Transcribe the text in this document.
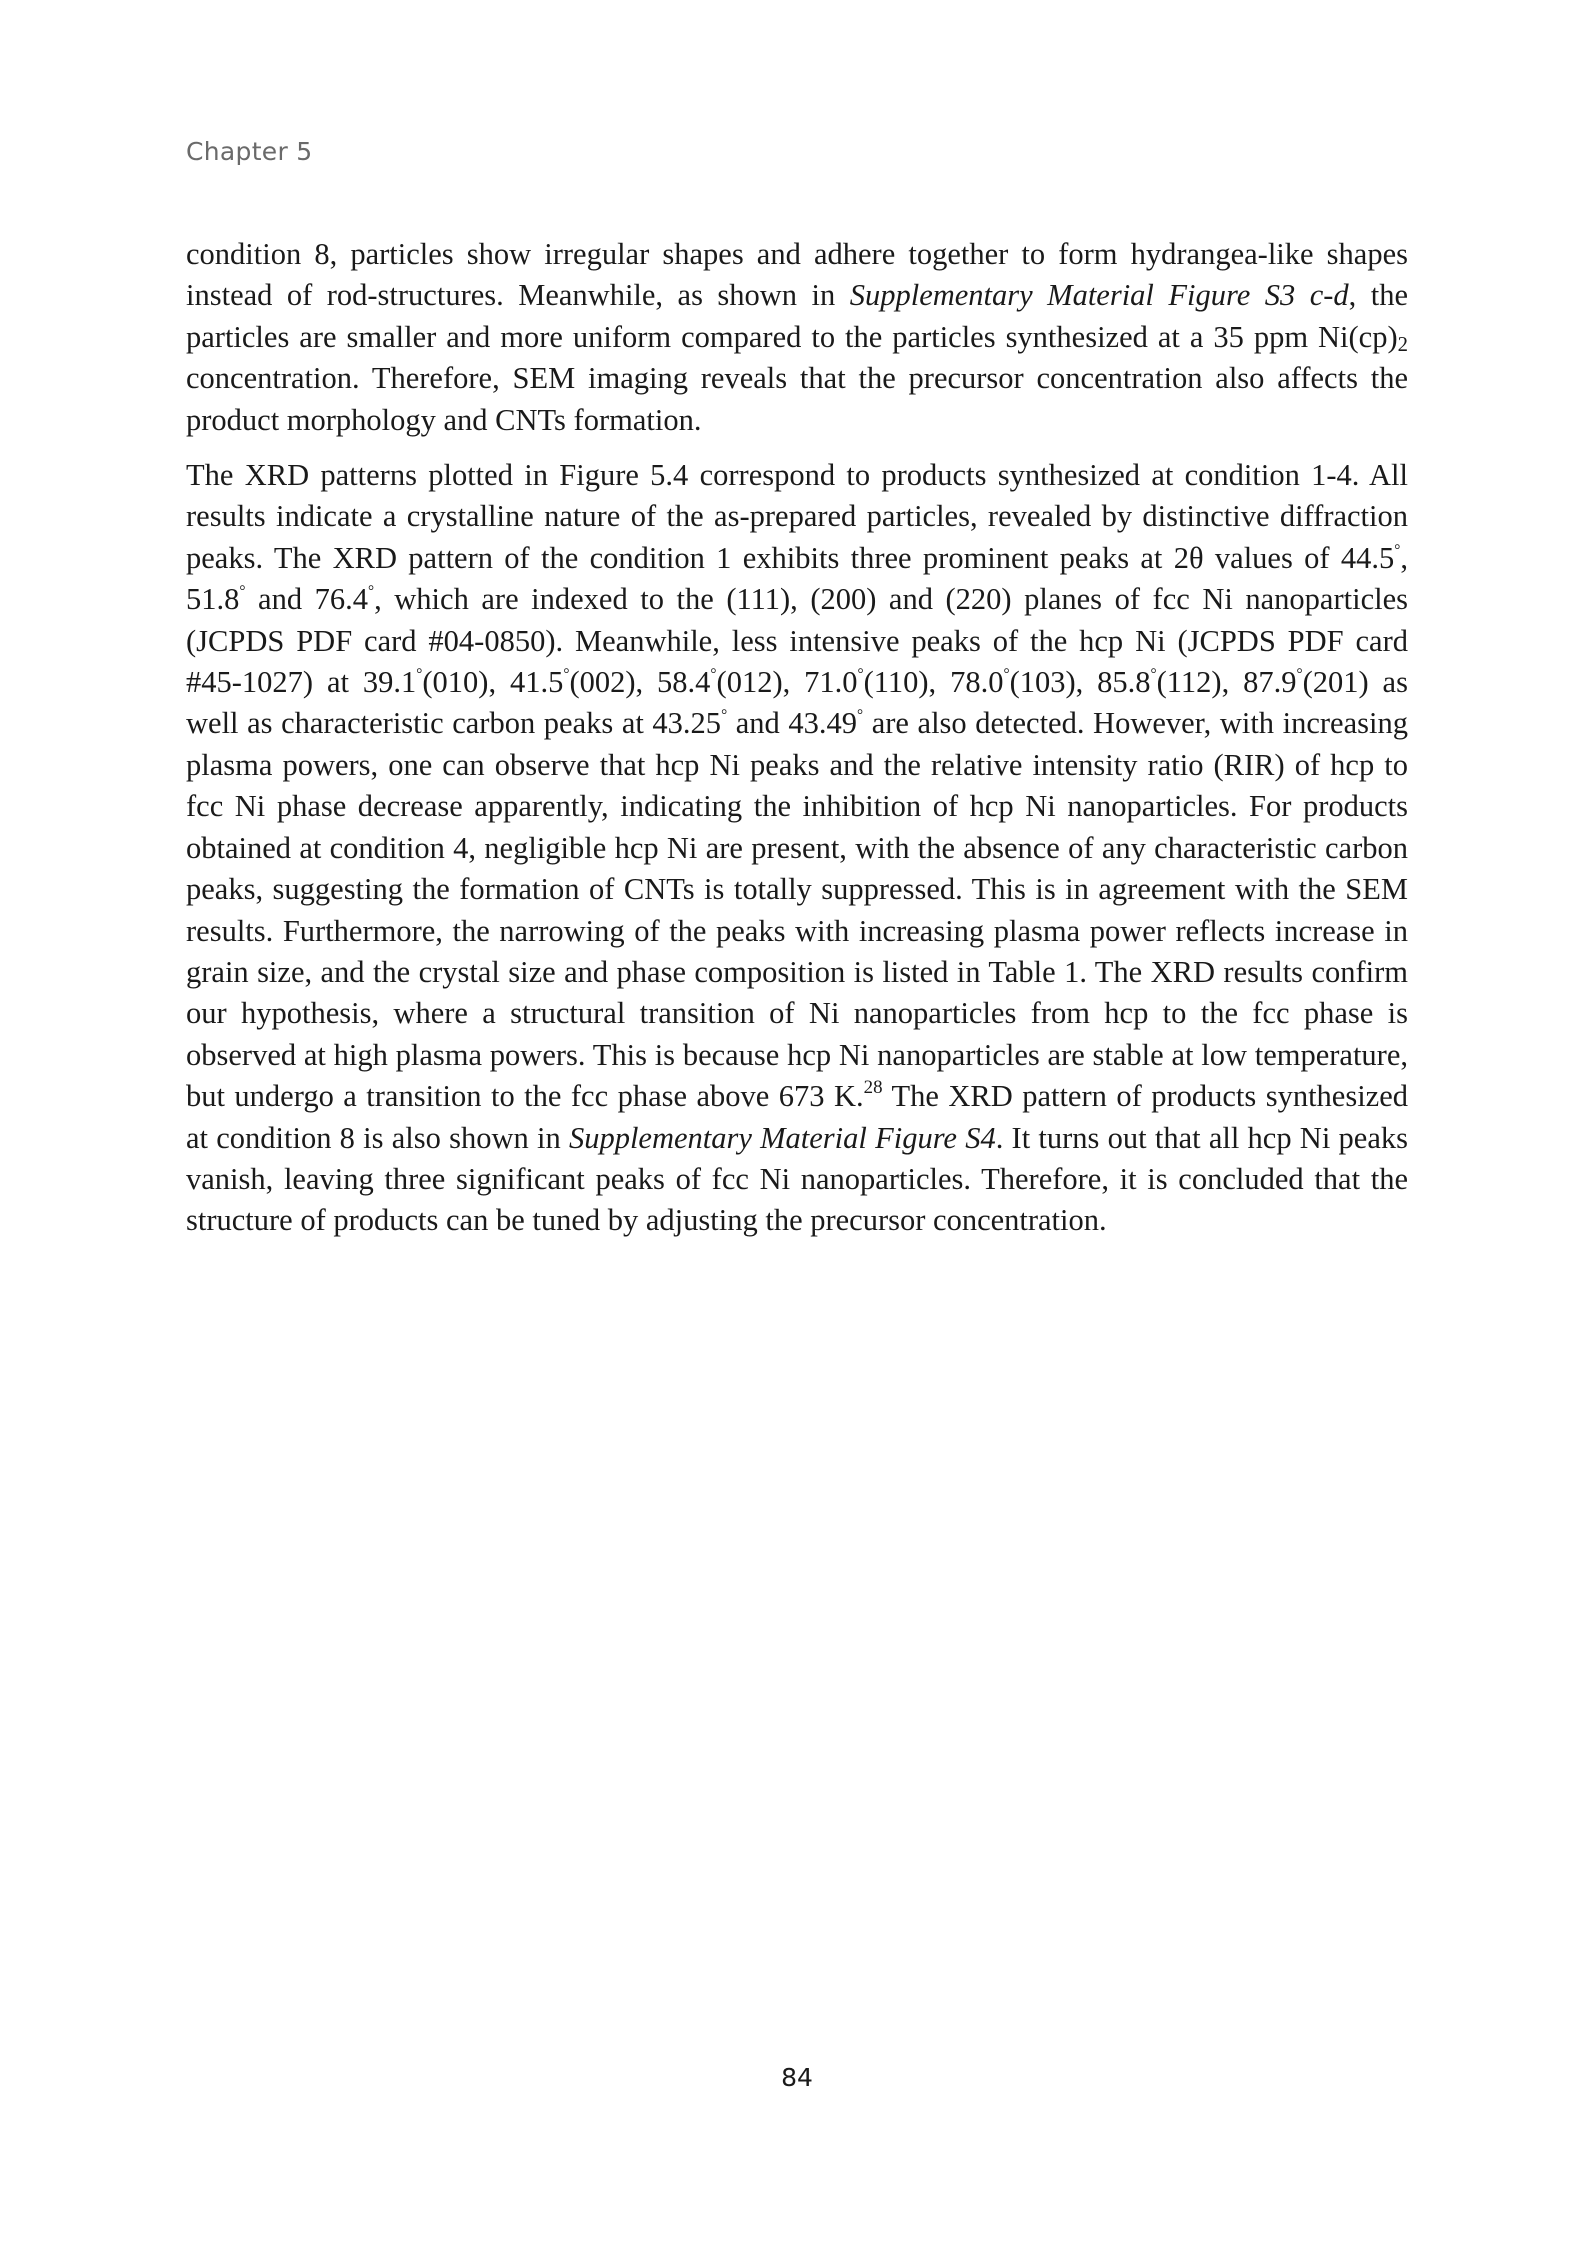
Chapter 5

condition 8, particles show irregular shapes and adhere together to form hydrangea-like shapes instead of rod-structures. Meanwhile, as shown in Supplementary Material Figure S3 c-d, the particles are smaller and more uniform compared to the particles synthesized at a 35 ppm $Ni(cp)_2$ concentration. Therefore, SEM imaging reveals that the precursor concentration also affects the product morphology and CNTs formation.

The XRD patterns plotted in Figure 5.4 correspond to products synthesized at condition 1-4. All results indicate a crystalline nature of the as-prepared particles, revealed by distinctive diffraction peaks. The XRD pattern of the condition 1 exhibits three prominent peaks at 2θ values of 44.5°, 51.8° and 76.4°, which are indexed to the (111), (200) and (220) planes of fcc Ni nanoparticles (JCPDS PDF card #04-0850). Meanwhile, less intensive peaks of the hcp Ni (JCPDS PDF card #45-1027) at 39.1°(010), 41.5°(002), 58.4°(012), 71.0°(110), 78.0°(103), 85.8°(112), 87.9°(201) as well as characteristic carbon peaks at 43.25° and 43.49° are also detected. However, with increasing plasma powers, one can observe that hcp Ni peaks and the relative intensity ratio (RIR) of hcp to fcc Ni phase decrease apparently, indicating the inhibition of hcp Ni nanoparticles. For products obtained at condition 4, negligible hcp Ni are present, with the absence of any characteristic carbon peaks, suggesting the formation of CNTs is totally suppressed. This is in agreement with the SEM results. Furthermore, the narrowing of the peaks with increasing plasma power reflects increase in grain size, and the crystal size and phase composition is listed in Table 1. The XRD results confirm our hypothesis, where a structural transition of Ni nanoparticles from hcp to the fcc phase is observed at high plasma powers. This is because hcp Ni nanoparticles are stable at low temperature, but undergo a transition to the fcc phase above 673 K.$^{28}$ The XRD pattern of products synthesized at condition 8 is also shown in Supplementary Material Figure S4. It turns out that all hcp Ni peaks vanish, leaving three significant peaks of fcc Ni nanoparticles. Therefore, it is concluded that the structure of products can be tuned by adjusting the precursor concentration.

84
